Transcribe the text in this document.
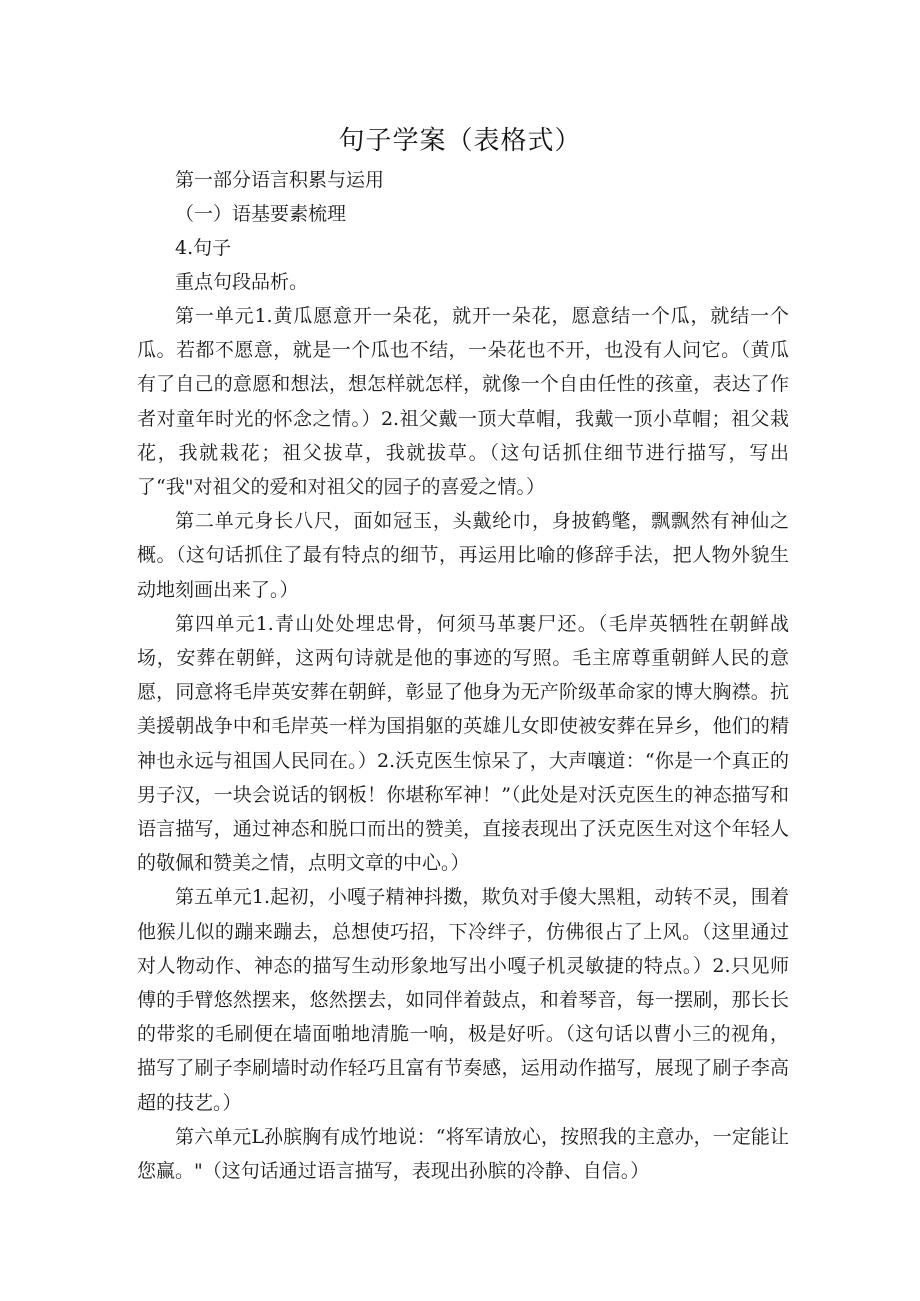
句子学案（表格式）

第一部分语言积累与运用

（一）语基要素梳理

4.句子

重点句段品析。

第一单元1.黄瓜愿意开一朵花，就开一朵花，愿意结一个瓜，就结一个瓜。若都不愿意，就是一个瓜也不结，一朵花也不开，也没有人问它。（黄瓜有了自己的意愿和想法，想怎样就怎样，就像一个自由任性的孩童，表达了作者对童年时光的怀念之情。）2.祖父戴一顶大草帽，我戴一顶小草帽；祖父栽花，我就栽花；祖父拔草，我就拔草。（这句话抓住细节进行描写，写出了“我"对祖父的爱和对祖父的园子的喜爱之情。）

第二单元身长八尺，面如冠玉，头戴纶巾，身披鹤氅，飘飘然有神仙之概。（这句话抓住了最有特点的细节，再运用比喻的修辞手法，把人物外貌生动地刻画出来了。）

第四单元1.青山处处埋忠骨，何须马革裹尸还。（毛岸英牺牲在朝鲜战场，安葬在朝鲜，这两句诗就是他的事迹的写照。毛主席尊重朝鲜人民的意愿，同意将毛岸英安葬在朝鲜，彰显了他身为无产阶级革命家的博大胸襟。抗美援朝战争中和毛岸英一样为国捐躯的英雄儿女即使被安葬在异乡，他们的精神也永远与祖国人民同在。）2.沃克医生惊呆了，大声嚷道：“你是一个真正的男子汉，一块会说话的钢板！你堪称军神！”（此处是对沃克医生的神态描写和语言描写，通过神态和脱口而出的赞美，直接表现出了沃克医生对这个年轻人的敬佩和赞美之情，点明文章的中心。）

第五单元1.起初，小嘎子精神抖擞，欺负对手傻大黑粗，动转不灵，围着他猴儿似的蹦来蹦去，总想使巧招，下冷绊子，仿佛很占了上风。（这里通过对人物动作、神态的描写生动形象地写出小嘎子机灵敏捷的特点。）2.只见师傅的手臂悠然摆来，悠然摆去，如同伴着鼓点，和着琴音，每一摆刷，那长长的带浆的毛刷便在墙面啪地清脆一响，极是好听。（这句话以曹小三的视角，描写了刷子李刷墙时动作轻巧且富有节奏感，运用动作描写，展现了刷子李高超的技艺。）

第六单元L孙膑胸有成竹地说：“将军请放心，按照我的主意办，一定能让您赢。"（这句话通过语言描写，表现出孙膑的冷静、自信。）
